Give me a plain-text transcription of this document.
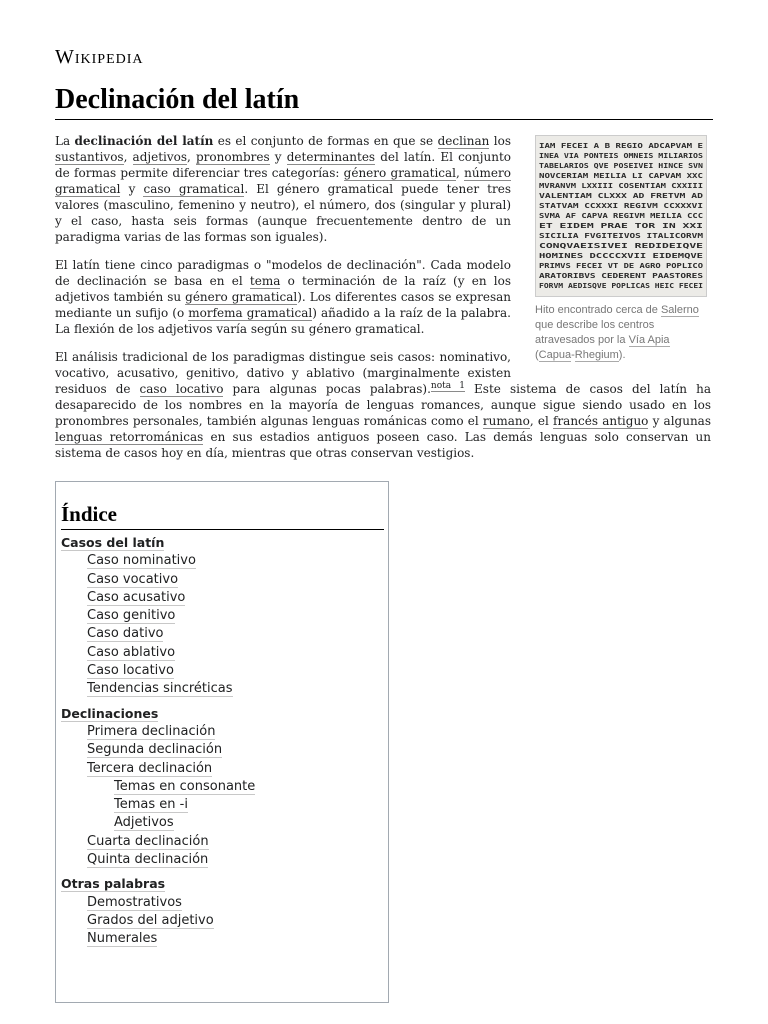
Wikipedia
Declinación del latín
IAM FECEI A B REGIO ADCAPVAM E
INEA VIA PONTEIS OMNEIS MILIARIOS
TABELARIOS QVE POSEIVEI HINCE SVN
NOVCERIAM MEILIA LI CAPVAM XXC
MVRANVM LXXIII COSENTIAM CXXIII
VALENTIAM CLXXX AD FRETVM AD
STATVAM CCXXXI REGIVM CCXXXVI
SVMA AF CAPVA REGIVM MEILIA CCC
ET EIDEM PRAE TOR IN XXI
SICILIA FVGITEIVOS ITALICORVM
CONQVAEISIVEI REDIDEIQVE
HOMINES DCCCCXVII EIDEMQVE
PRIMVS FECEI VT DE AGRO POPLICO
ARATORIBVS CEDERENT PAASTORES
FORVM AEDISQVE POPLICAS HEIC FECEI
Hito encontrado cerca de Salerno que describe los centros atravesados por la Vía Apia (Capua-Rhegium).

La declinación del latín es el conjunto de formas en que se declinan los sustantivos, adjetivos, pronombres y determinantes del latín. El conjunto de formas permite diferenciar tres categorías: género gramatical, número gramatical y caso gramatical. El género gramatical puede tener tres valores (masculino, femenino y neutro), el número, dos (singular y plural) y el caso, hasta seis formas (aunque frecuentemente dentro de un paradigma varias de las formas son iguales).

El latín tiene cinco paradigmas o "modelos de declinación". Cada modelo de declinación se basa en el tema o terminación de la raíz (y en los adjetivos también su género gramatical). Los diferentes casos se expresan mediante un sufijo (o morfema gramatical) añadido a la raíz de la palabra. La flexión de los adjetivos varía según su género gramatical.

El análisis tradicional de los paradigmas distingue seis casos: nominativo, vocativo, acusativo, genitivo, dativo y ablativo (marginalmente existen residuos de caso locativo para algunas pocas palabras).$^{nota 1}$ Este sistema de casos del latín ha desaparecido de los nombres en la mayoría de lenguas romances, aunque sigue siendo usado en los pronombres personales, también algunas lenguas románicas como el rumano, el francés antiguo y algunas lenguas retorrománicas en sus estadios antiguos poseen caso. Las demás lenguas solo conservan un sistema de casos hoy en día, mientras que otras conservan vestigios.

Índice
Casos del latín
Caso nominativo
Caso vocativo
Caso acusativo
Caso genitivo
Caso dativo
Caso ablativo
Caso locativo
Tendencias sincréticas
Declinaciones
Primera declinación
Segunda declinación
Tercera declinación
Temas en consonante
Temas en -i
Adjetivos
Cuarta declinación
Quinta declinación
Otras palabras
Demostrativos
Grados del adjetivo
Numerales
